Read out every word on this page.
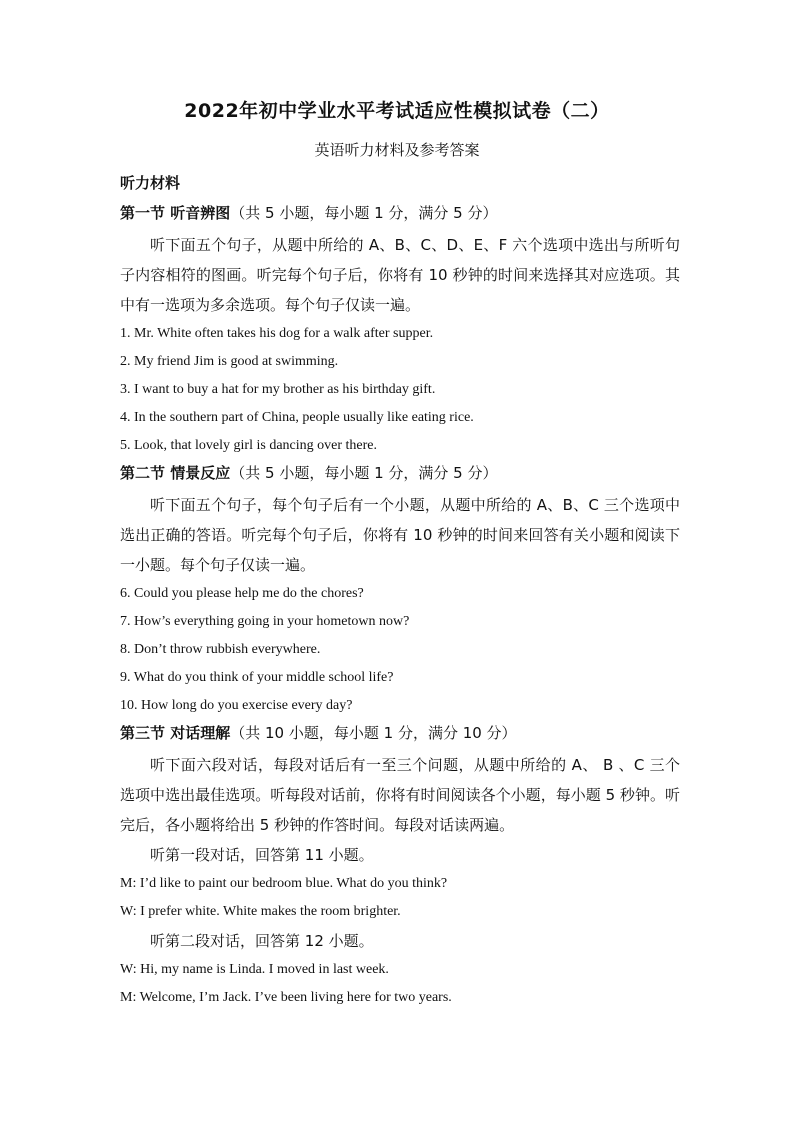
2022年初中学业水平考试适应性模拟试卷（二）
英语听力材料及参考答案
听力材料
第一节 听音辨图（共 5 小题，每小题 1 分，满分 5 分）

听下面五个句子，从题中所给的 A、B、C、D、E、F 六个选项中选出与所听句子内容相符的图画。听完每个句子后，你将有 10 秒钟的时间来选择其对应选项。其中有一选项为多余选项。每个句子仅读一遍。

1. Mr. White often takes his dog for a walk after supper.

2. My friend Jim is good at swimming.

3. I want to buy a hat for my brother as his birthday gift.

4. In the southern part of China, people usually like eating rice.

5. Look, that lovely girl is dancing over there.

第二节 情景反应（共 5 小题，每小题 1 分，满分 5 分）

听下面五个句子，每个句子后有一个小题，从题中所给的 A、B、C 三个选项中选出正确的答语。听完每个句子后，你将有 10 秒钟的时间来回答有关小题和阅读下一小题。每个句子仅读一遍。

6. Could you please help me do the chores?

7. How’s everything going in your hometown now?

8. Don’t throw rubbish everywhere.

9. What do you think of your middle school life?

10. How long do you exercise every day?

第三节 对话理解（共 10 小题，每小题 1 分，满分 10 分）

听下面六段对话，每段对话后有一至三个问题，从题中所给的 A、 B 、C 三个选项中选出最佳选项。听每段对话前，你将有时间阅读各个小题，每小题 5 秒钟。听完后，各小题将给出 5 秒钟的作答时间。每段对话读两遍。

听第一段对话，回答第 11 小题。

M: I’d like to paint our bedroom blue. What do you think?

W: I prefer white. White makes the room brighter.

听第二段对话，回答第 12 小题。

W: Hi, my name is Linda. I moved in last week.

M: Welcome, I’m Jack. I’ve been living here for two years.
